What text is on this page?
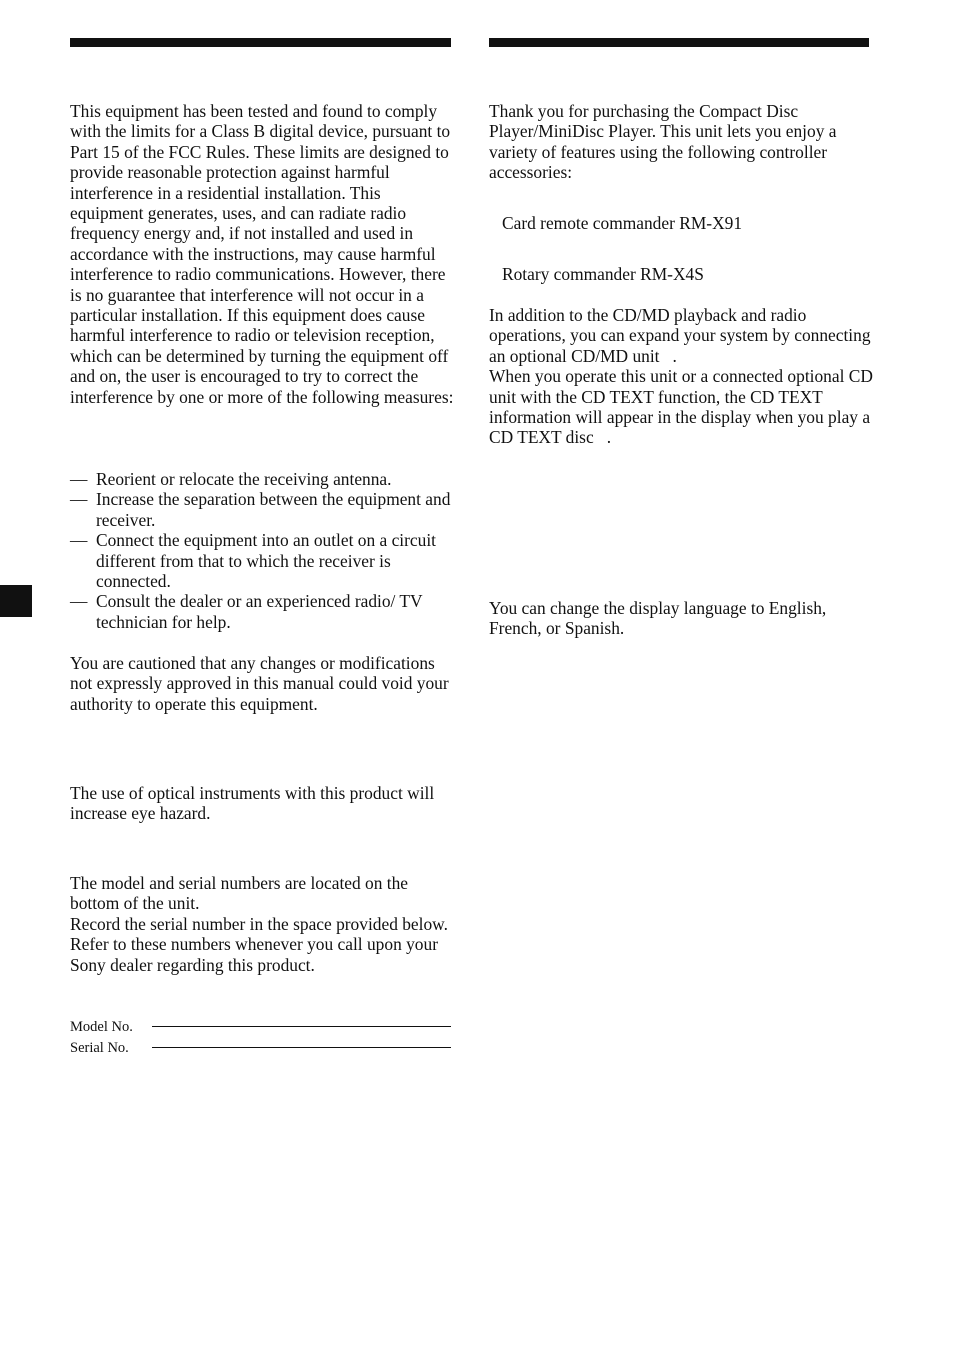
This equipment has been tested and found to comply with the limits for a Class B digital device, pursuant to Part 15 of the FCC Rules. These limits are designed to provide reasonable protection against harmful interference in a residential installation. This equipment generates, uses, and can radiate radio frequency energy and, if not installed and used in accordance with the instructions, may cause harmful interference to radio communications. However, there is no guarantee that interference will not occur in a particular installation. If this equipment does cause harmful interference to radio or television reception, which can be determined by turning the equipment off and on, the user is encouraged to try to correct the interference by one or more of the following measures:

— Reorient or relocate the receiving antenna.
— Increase the separation between the equipment and receiver.
— Connect the equipment into an outlet on a circuit different from that to which the receiver is connected.
— Consult the dealer or an experienced radio/ TV technician for help.

You are cautioned that any changes or modifications not expressly approved in this manual could void your authority to operate this equipment.

The use of optical instruments with this product will increase eye hazard.

The model and serial numbers are located on the bottom of the unit.

Record the serial number in the space provided below.

Refer to these numbers whenever you call upon your Sony dealer regarding this product.

Model No.
Serial No.

Thank you for purchasing the Compact Disc Player/MiniDisc Player. This unit lets you enjoy a variety of features using the following controller accessories:

Card remote commander RM-X91

Rotary commander RM-X4S

In addition to the CD/MD playback and radio operations, you can expand your system by connecting an optional CD/MD unit   .

When you operate this unit or a connected optional CD unit with the CD TEXT function, the CD TEXT information will appear in the display when you play a CD TEXT disc   .

You can change the display language to English, French, or Spanish.
